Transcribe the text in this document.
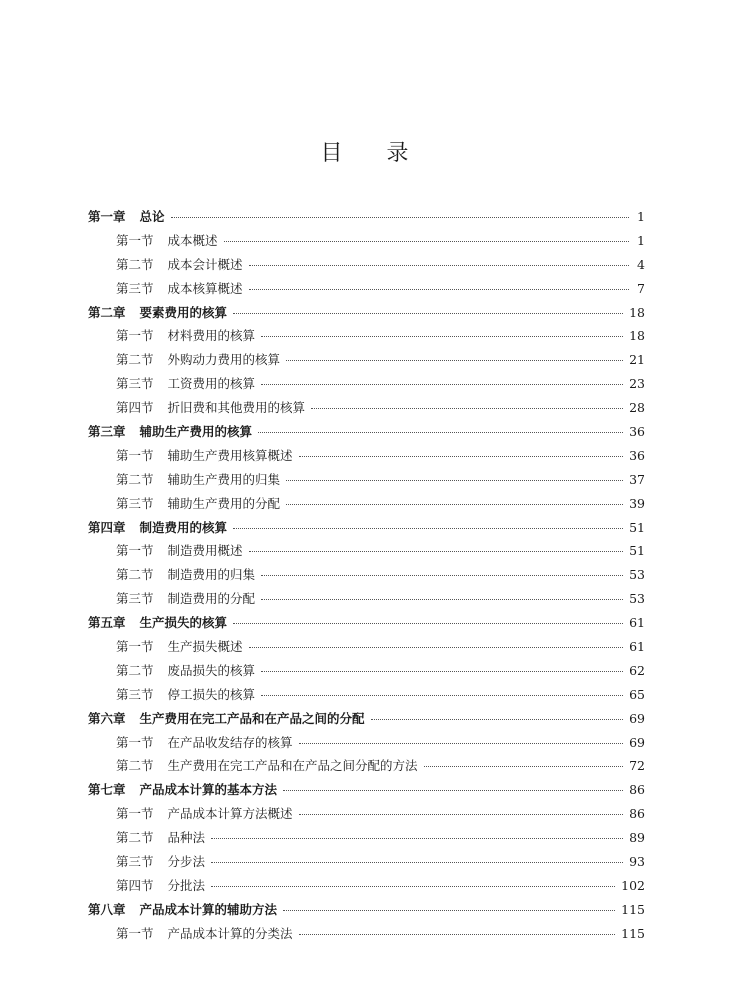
目 录
第一章 总论	1
第一节 成本概述	1
第二节 成本会计概述	4
第三节 成本核算概述	7
第二章 要素费用的核算	18
第一节 材料费用的核算	18
第二节 外购动力费用的核算	21
第三节 工资费用的核算	23
第四节 折旧费和其他费用的核算	28
第三章 辅助生产费用的核算	36
第一节 辅助生产费用核算概述	36
第二节 辅助生产费用的归集	37
第三节 辅助生产费用的分配	39
第四章 制造费用的核算	51
第一节 制造费用概述	51
第二节 制造费用的归集	53
第三节 制造费用的分配	53
第五章 生产损失的核算	61
第一节 生产损失概述	61
第二节 废品损失的核算	62
第三节 停工损失的核算	65
第六章 生产费用在完工产品和在产品之间的分配	69
第一节 在产品收发结存的核算	69
第二节 生产费用在完工产品和在产品之间分配的方法	72
第七章 产品成本计算的基本方法	86
第一节 产品成本计算方法概述	86
第二节 品种法	89
第三节 分步法	93
第四节 分批法	102
第八章 产品成本计算的辅助方法	115
第一节 产品成本计算的分类法	115
